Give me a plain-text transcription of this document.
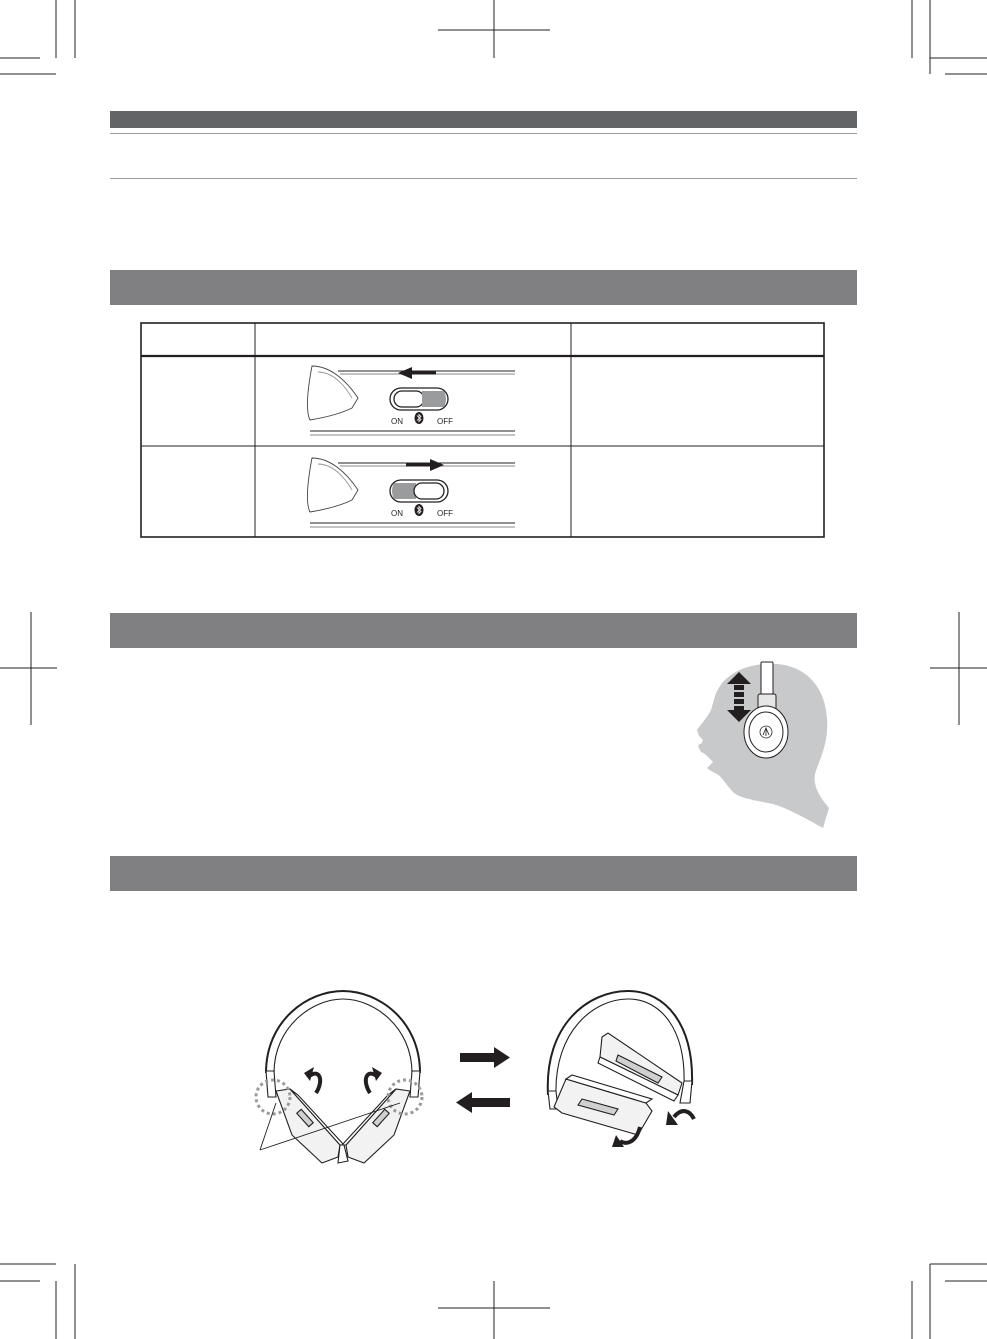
ON	OFF
ON	OFF
